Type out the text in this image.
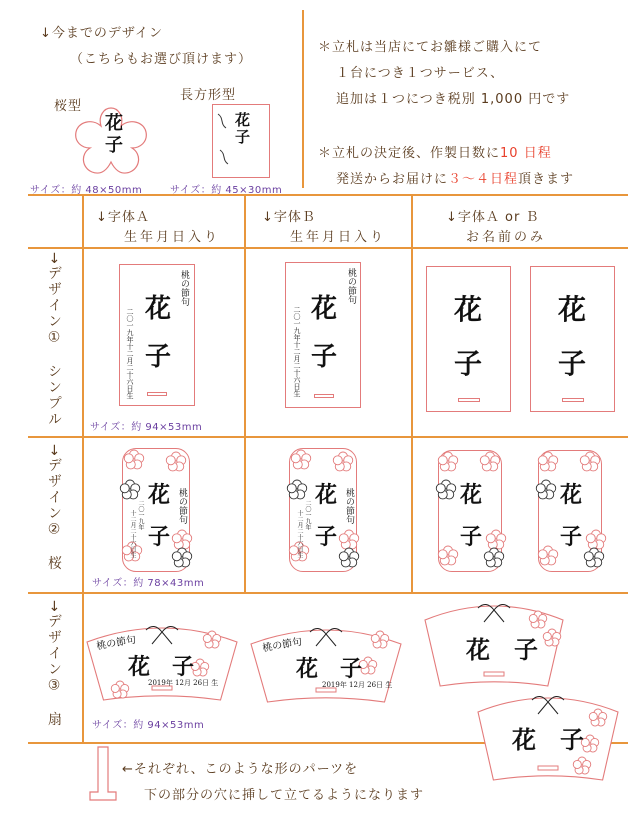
↓今までのデザイン
（こちらもお選び頂けます）
桜型
長方形型
花子	花子
サイズ：約 48×50mm	サイズ：約 45×30mm
＊立札は当店にてお雛様ご購入にて
１台につき１つサービス、
追加は１つにつき税別 1,000 円です
＊立札の決定後、作製日数に10 日程
発送からお届けに３～４日程頂きます
↓字体Ａ
生年月日入り
↓字体Ｂ
生年月日入り
↓字体Ａ or Ｂ
お名前のみ
→デザイン①　シンプル
→デザイン②　桜
→デザイン③　扇
桃の節句
二〇一九年十二月二十六日生 花
子
桃の節句
二〇一九年十二月二十六日生 花
子
花
子
花
子
サイズ：約 94×53mm
桃の節句
二〇一九年
十二月二十六日生
花
子
桃の節句
二〇一九年
十二月二十六日生
花
子
花
子
花
子
サイズ：約 78×43mm
桃の節句
花　子
2019年 12月 26日 生
桃の節句
花　子
2019年 12月 26日 生
花　子
花　子
サイズ：約 94×53mm
←それぞれ、このような形のパーツを
下の部分の穴に挿して立てるようになります
